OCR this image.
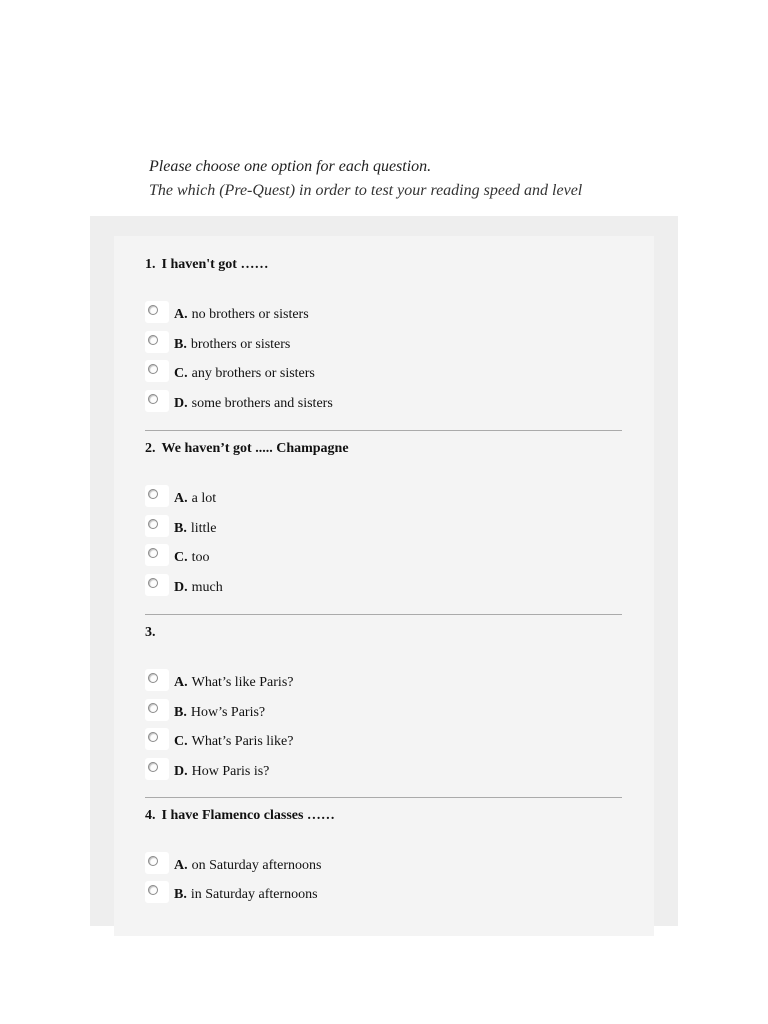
Please choose one option for each question.
The which (Pre-Quest) in order to test your reading speed and level
1. I haven't got ……
A. no brothers or sisters
B. brothers or sisters
C. any brothers or sisters
D. some brothers and sisters
2. We haven’t got ..... Champagne
A. a lot
B. little
C. too
D. much
3.
A. What’s like Paris?
B. How’s Paris?
C. What’s Paris like?
D. How Paris is?
4. I have Flamenco classes ……
A. on Saturday afternoons
B. in Saturday afternoons
